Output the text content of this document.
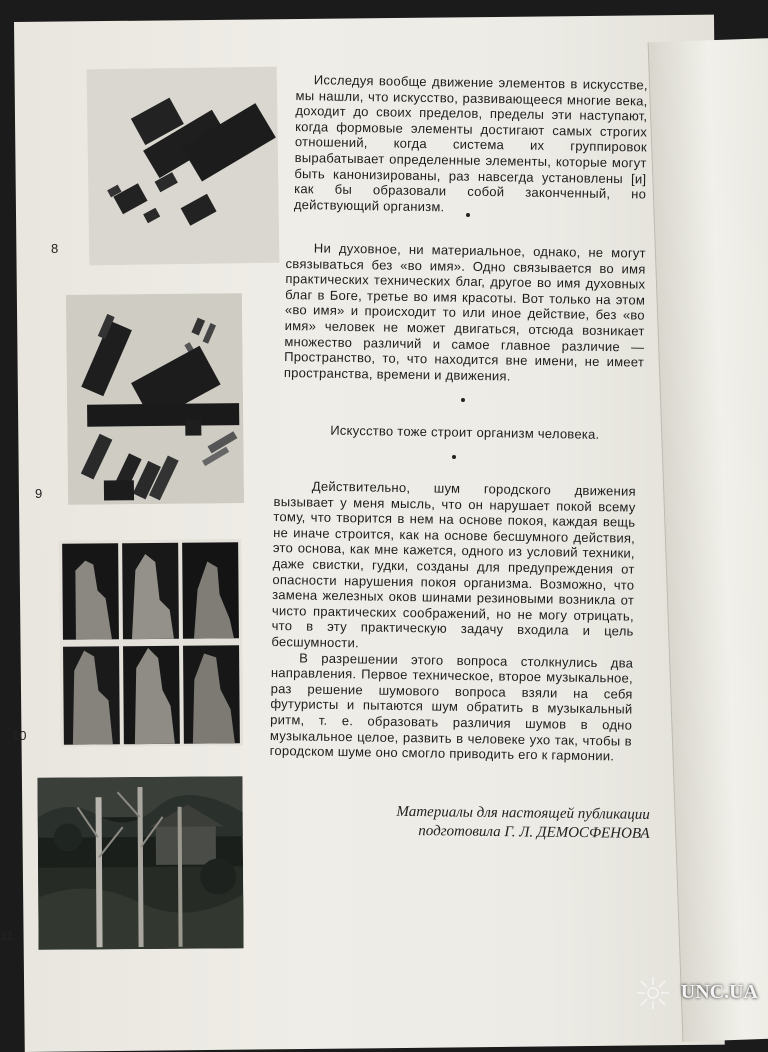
8
9
10
11

Исследуя вообще движение элементов в искусстве, мы нашли, что искусство, развивающееся многие века, доходит до своих пределов, пределы эти наступают, когда формовые элементы достигают самых строгих отношений, когда система их группировок вырабатывает определенные элементы, которые могут быть канонизированы, раз навсегда установлены [и] как бы образовали собой законченный, но действующий организм.

Ни духовное, ни материальное, однако, не могут связываться без «во имя». Одно связывается во имя практических технических благ, другое во имя духовных благ в Боге, третье во имя красоты. Вот только на этом «во имя» и происходит то или иное действие, без «во имя» человек не может двигаться, отсюда возникает множество различий и самое главное различие — Пространство, то, что находится вне имени, не имеет пространства, времени и движения.

Искусство тоже строит организм человека.

Действительно, шум городского движения вызывает у меня мысль, что он нарушает покой всему тому, что творится в нем на основе покоя, каждая вещь не иначе строится, как на основе бесшумного действия, это основа, как мне кажется, одного из условий техники, даже свистки, гудки, созданы для предупреждения от опасности нарушения покоя организма. Возможно, что замена железных оков шинами резиновыми возникла от чисто практических соображений, но не могу отрицать, что в эту практическую задачу входила и цель бесшумности.

В разрешении этого вопроса столкнулись два направления. Первое техническое, второе музыкальное, раз решение шумового вопроса взяли на себя футуристы и пытаются шум обратить в музыкальный ритм, т. е. образовать различия шумов в одно музыкальное целое, развить в человеке ухо так, чтобы в городском шуме оно смогло приводить его к гармонии.

Материалы для настоящей публикации
подготовила Г. Л. ДЕМОСФЕНОВА
UNC.UA
